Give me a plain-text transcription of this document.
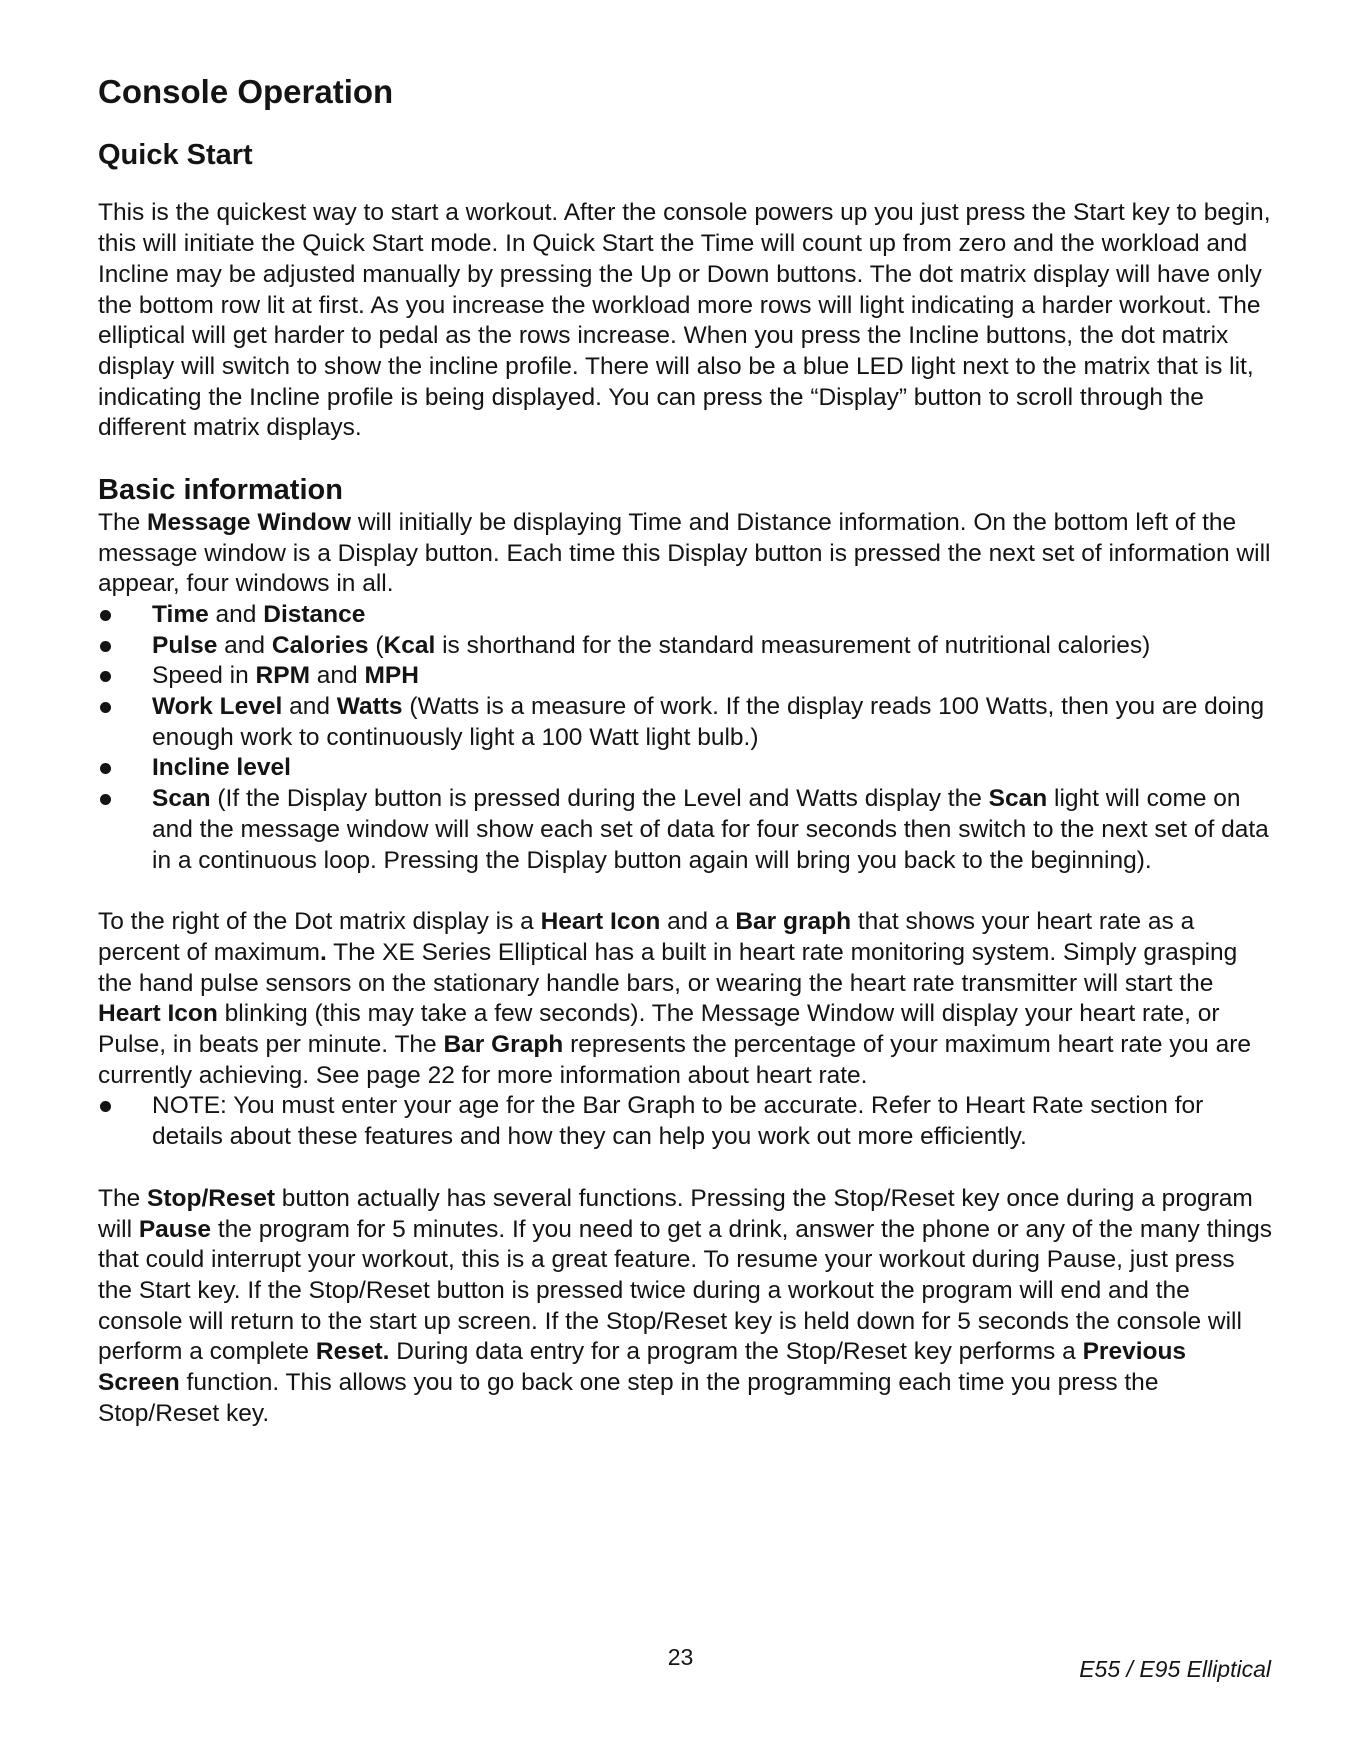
Console Operation
Quick Start

This is the quickest way to start a workout. After the console powers up you just press the Start key to begin, this will initiate the Quick Start mode. In Quick Start the Time will count up from zero and the workload and Incline may be adjusted manually by pressing the Up or Down buttons. The dot matrix display will have only the bottom row lit at first. As you increase the workload more rows will light indicating a harder workout. The elliptical will get harder to pedal as the rows increase. When you press the Incline buttons, the dot matrix display will switch to show the incline profile. There will also be a blue LED light next to the matrix that is lit, indicating the Incline profile is being displayed. You can press the “Display” button to scroll through the different matrix displays.

Basic information

The Message Window will initially be displaying Time and Distance information. On the bottom left of the message window is a Display button. Each time this Display button is pressed the next set of information will appear, four windows in all.

Time and Distance
Pulse and Calories (Kcal is shorthand for the standard measurement of nutritional calories)
Speed in RPM and MPH
Work Level and Watts (Watts is a measure of work. If the display reads 100 Watts, then you are doing enough work to continuously light a 100 Watt light bulb.)
Incline level
Scan (If the Display button is pressed during the Level and Watts display the Scan light will come on and the message window will show each set of data for four seconds then switch to the next set of data in a continuous loop. Pressing the Display button again will bring you back to the beginning).

To the right of the Dot matrix display is a Heart Icon and a Bar graph that shows your heart rate as a percent of maximum. The XE Series Elliptical has a built in heart rate monitoring system. Simply grasping the hand pulse sensors on the stationary handle bars, or wearing the heart rate transmitter will start the Heart Icon blinking (this may take a few seconds). The Message Window will display your heart rate, or Pulse, in beats per minute. The Bar Graph represents the percentage of your maximum heart rate you are currently achieving. See page 22 for more information about heart rate.

NOTE: You must enter your age for the Bar Graph to be accurate. Refer to Heart Rate section for details about these features and how they can help you work out more efficiently.

The Stop/Reset button actually has several functions. Pressing the Stop/Reset key once during a program will Pause the program for 5 minutes. If you need to get a drink, answer the phone or any of the many things that could interrupt your workout, this is a great feature. To resume your workout during Pause, just press the Start key. If the Stop/Reset button is pressed twice during a workout the program will end and the console will return to the start up screen. If the Stop/Reset key is held down for 5 seconds the console will perform a complete Reset. During data entry for a program the Stop/Reset key performs a Previous Screen function. This allows you to go back one step in the programming each time you press the Stop/Reset key.

23	E55 / E95 Elliptical
